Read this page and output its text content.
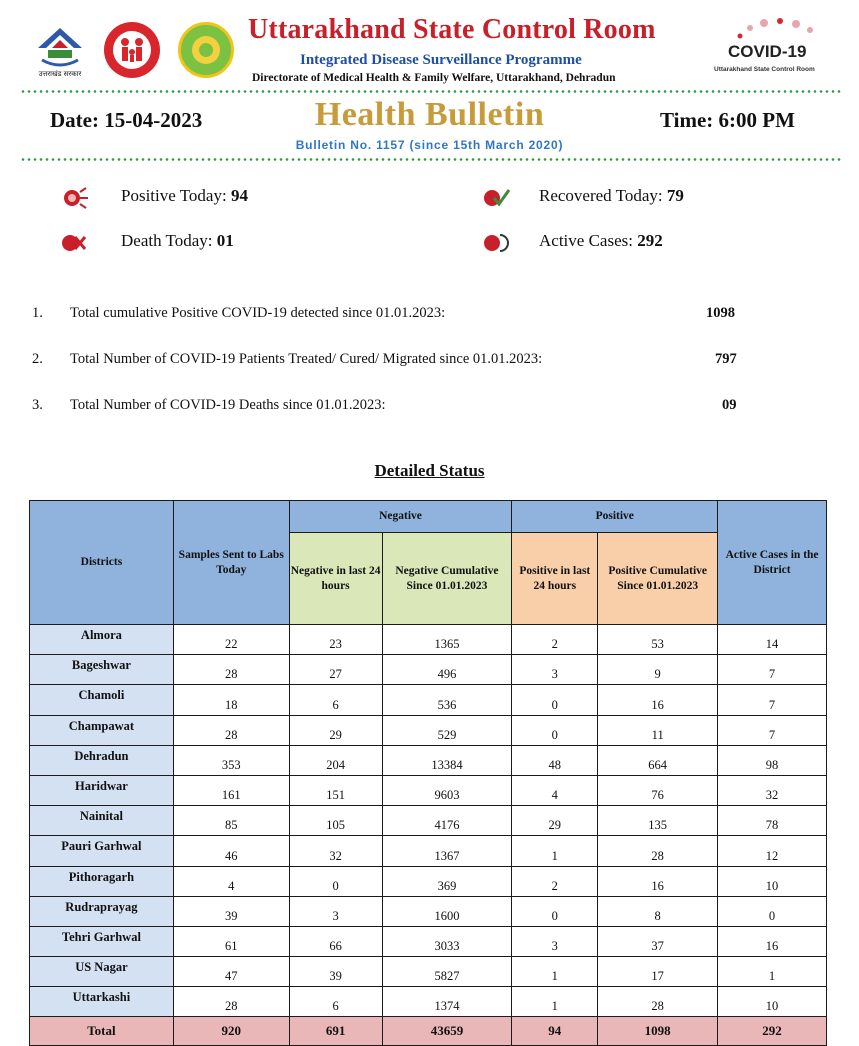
उत्तराखंड सरकार
Uttarakhand State Control Room
Integrated Disease Surveillance Programme
Directorate of Medical Health & Family Welfare, Uttarakhand, Dehradun
COVID-19
Uttarakhand State Control Room
Date: 15-04-2023	Health Bulletin	Time: 6:00 PM
Bulletin No. 1157 (since 15th March 2020)
Positive Today: 94	Recovered Today: 79
Death Today: 01	Active Cases: 292
1. Total cumulative Positive COVID-19 detected since 01.01.2023:	1098
2. Total Number of COVID-19 Patients Treated/ Cured/ Migrated since 01.01.2023:	797
3. Total Number of COVID-19 Deaths since 01.01.2023:	09
Detailed Status
Districts	Samples Sent to Labs Today	Negative		Positive		Active Cases in the District
		Negative in last 24 hours	Negative Cumulative Since 01.01.2023	Positive in last 24 hours	Positive Cumulative Since 01.01.2023	
Almora	22	23	1365	2	53	14
Bageshwar	28	27	496	3	9	7
Chamoli	18	6	536	0	16	7
Champawat	28	29	529	0	11	7
Dehradun	353	204	13384	48	664	98
Haridwar	161	151	9603	4	76	32
Nainital	85	105	4176	29	135	78
Pauri Garhwal	46	32	1367	1	28	12
Pithoragarh	4	0	369	2	16	10
Rudraprayag	39	3	1600	0	8	0
Tehri Garhwal	61	66	3033	3	37	16
US Nagar	47	39	5827	1	17	1
Uttarkashi	28	6	1374	1	28	10
Total	920	691	43659	94	1098	292
